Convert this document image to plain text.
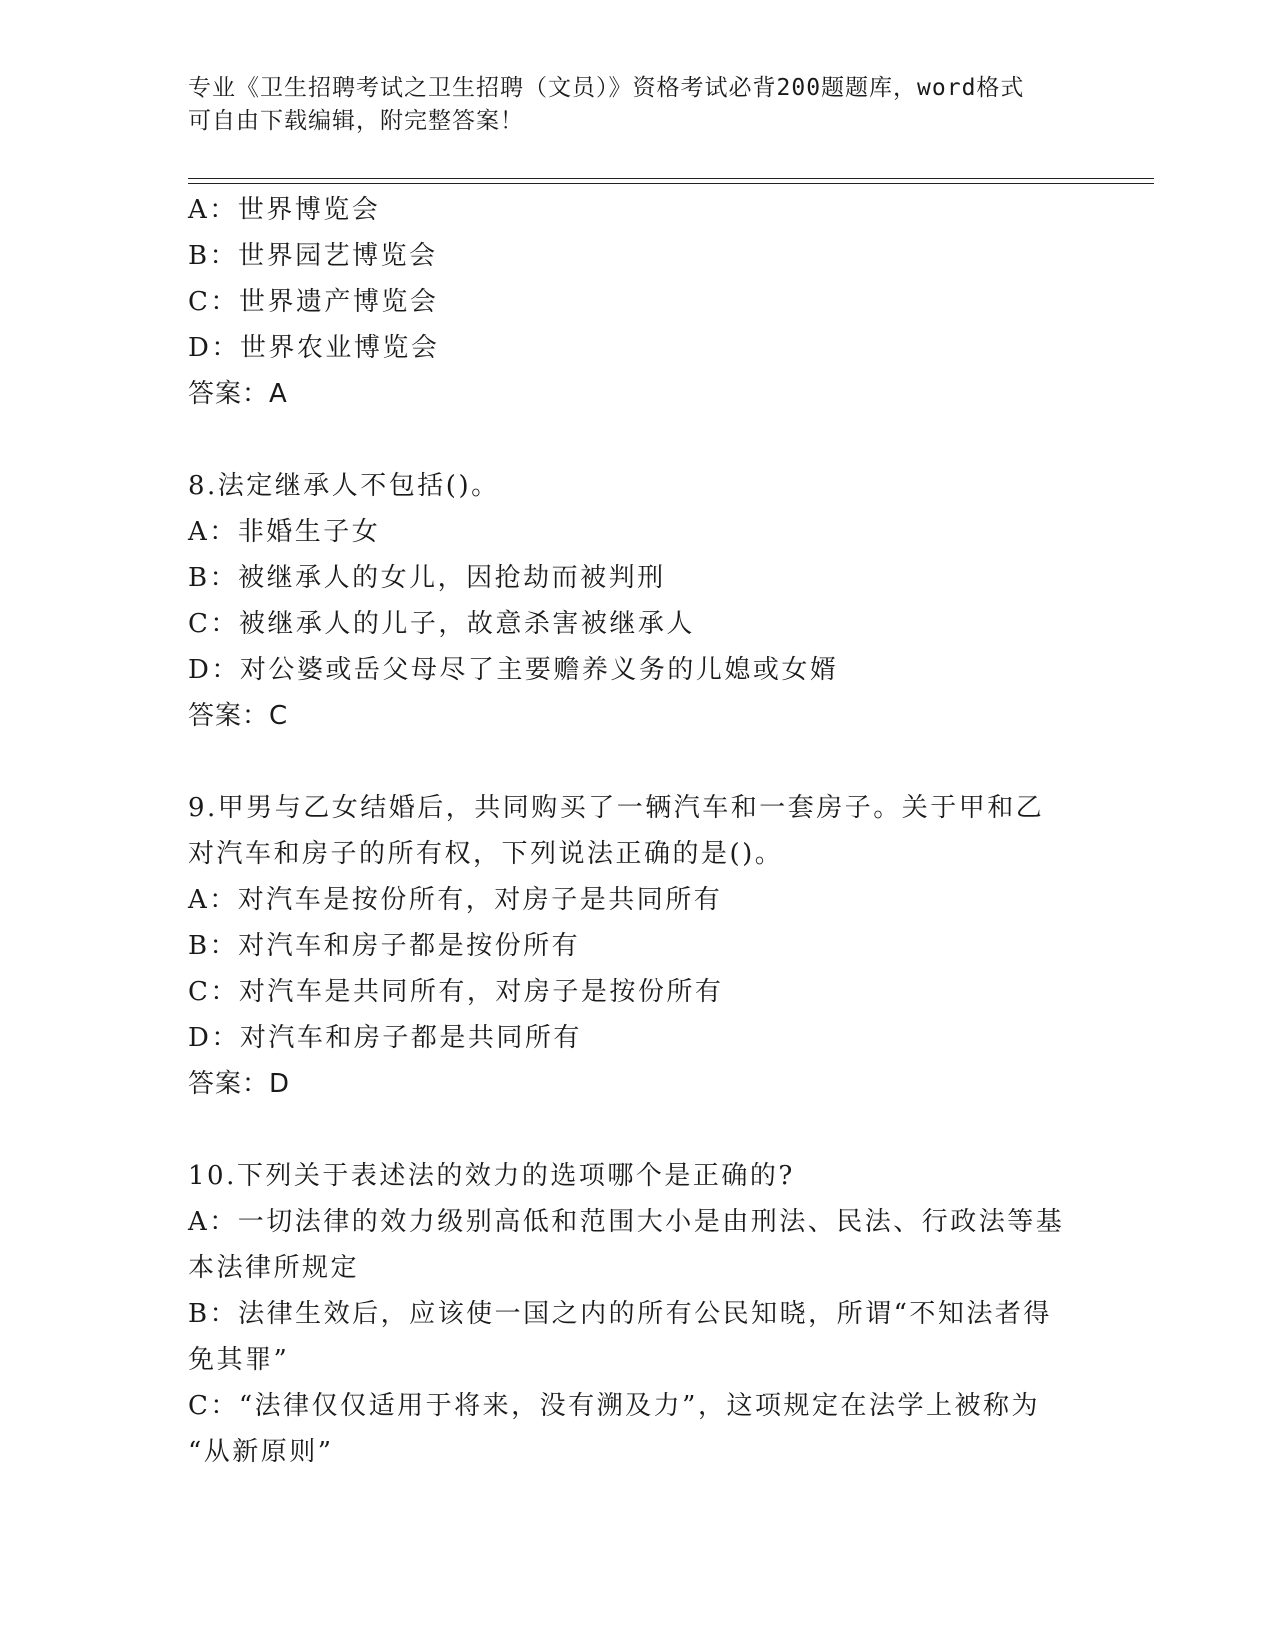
专业《卫生招聘考试之卫生招聘（文员）》资格考试必背200题题库，word格式
可自由下载编辑，附完整答案！
A：世界博览会
B：世界园艺博览会
C：世界遗产博览会
D：世界农业博览会
答案：A
8.法定继承人不包括()。
A：非婚生子女
B：被继承人的女儿，因抢劫而被判刑
C：被继承人的儿子，故意杀害被继承人
D：对公婆或岳父母尽了主要赡养义务的儿媳或女婿
答案：C
9.甲男与乙女结婚后，共同购买了一辆汽车和一套房子。关于甲和乙
对汽车和房子的所有权，下列说法正确的是()。
A：对汽车是按份所有，对房子是共同所有
B：对汽车和房子都是按份所有
C：对汽车是共同所有，对房子是按份所有
D：对汽车和房子都是共同所有
答案：D
10.下列关于表述法的效力的选项哪个是正确的?
A：一切法律的效力级别高低和范围大小是由刑法、民法、行政法等基
本法律所规定
B：法律生效后，应该使一国之内的所有公民知晓，所谓“不知法者得
免其罪”
C：“法律仅仅适用于将来，没有溯及力”，这项规定在法学上被称为
“从新原则”
